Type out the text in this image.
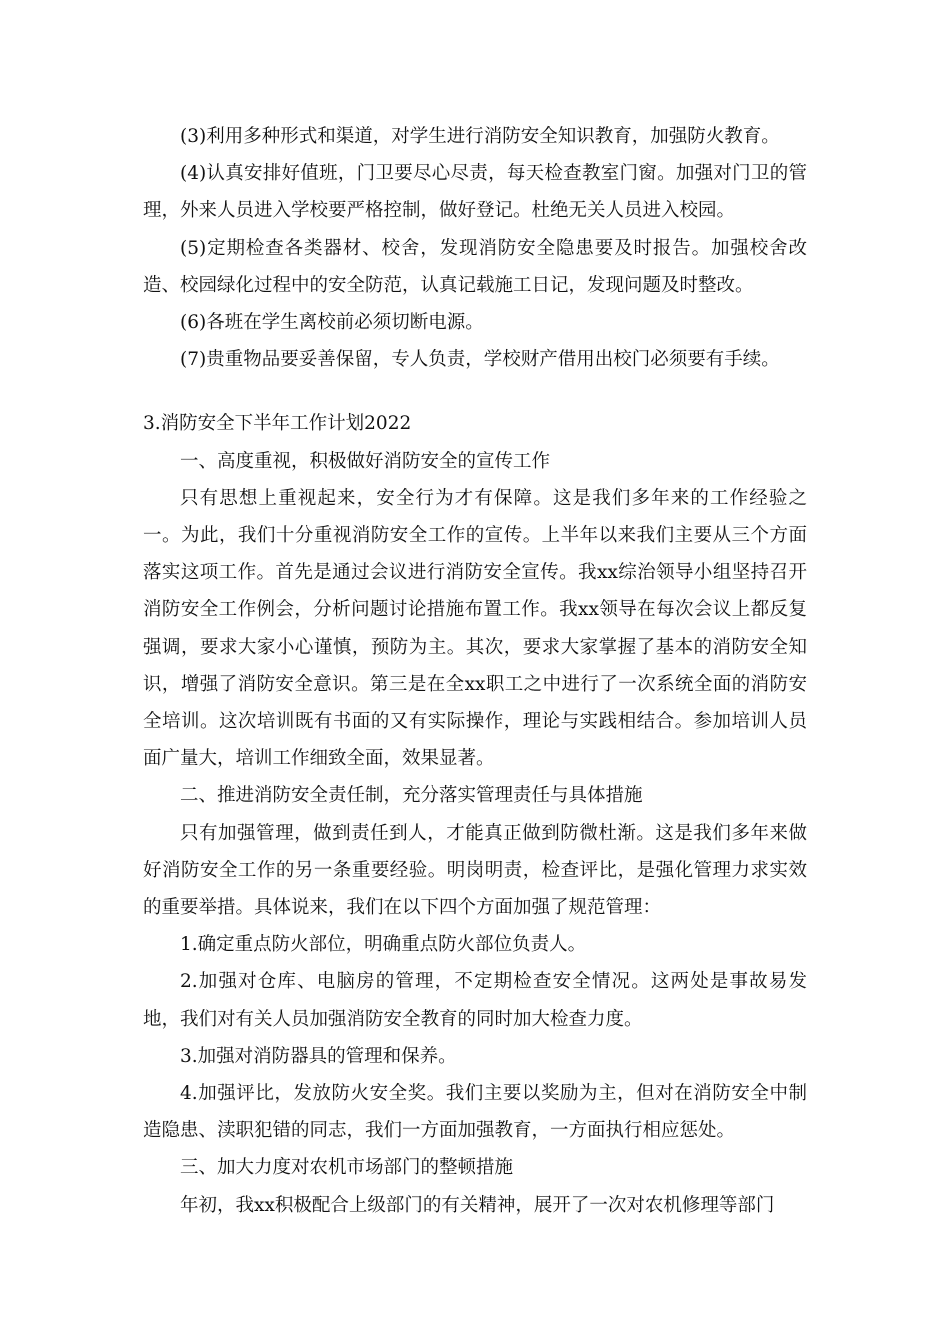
(3)利用多种形式和渠道，对学生进行消防安全知识教育，加强防火教育。

(4)认真安排好值班，门卫要尽心尽责，每天检查教室门窗。加强对门卫的管理，外来人员进入学校要严格控制，做好登记。杜绝无关人员进入校园。

(5)定期检查各类器材、校舍，发现消防安全隐患要及时报告。加强校舍改造、校园绿化过程中的安全防范，认真记载施工日记，发现问题及时整改。

(6)各班在学生离校前必须切断电源。

(7)贵重物品要妥善保留，专人负责，学校财产借用出校门必须要有手续。

3.消防安全下半年工作计划2022

一、高度重视，积极做好消防安全的宣传工作

只有思想上重视起来，安全行为才有保障。这是我们多年来的工作经验之一。为此，我们十分重视消防安全工作的宣传。上半年以来我们主要从三个方面落实这项工作。首先是通过会议进行消防安全宣传。我xx综治领导小组坚持召开消防安全工作例会，分析问题讨论措施布置工作。我xx领导在每次会议上都反复强调，要求大家小心谨慎，预防为主。其次，要求大家掌握了基本的消防安全知识，增强了消防安全意识。第三是在全xx职工之中进行了一次系统全面的消防安全培训。这次培训既有书面的又有实际操作，理论与实践相结合。参加培训人员面广量大，培训工作细致全面，效果显著。

二、推进消防安全责任制，充分落实管理责任与具体措施

只有加强管理，做到责任到人，才能真正做到防微杜渐。这是我们多年来做好消防安全工作的另一条重要经验。明岗明责，检查评比，是强化管理力求实效的重要举措。具体说来，我们在以下四个方面加强了规范管理：

1.确定重点防火部位，明确重点防火部位负责人。

2.加强对仓库、电脑房的管理，不定期检查安全情况。这两处是事故易发地，我们对有关人员加强消防安全教育的同时加大检查力度。

3.加强对消防器具的管理和保养。

4.加强评比，发放防火安全奖。我们主要以奖励为主，但对在消防安全中制造隐患、渎职犯错的同志，我们一方面加强教育，一方面执行相应惩处。

三、加大力度对农机市场部门的整顿措施

年初，我xx积极配合上级部门的有关精神，展开了一次对农机修理等部门
